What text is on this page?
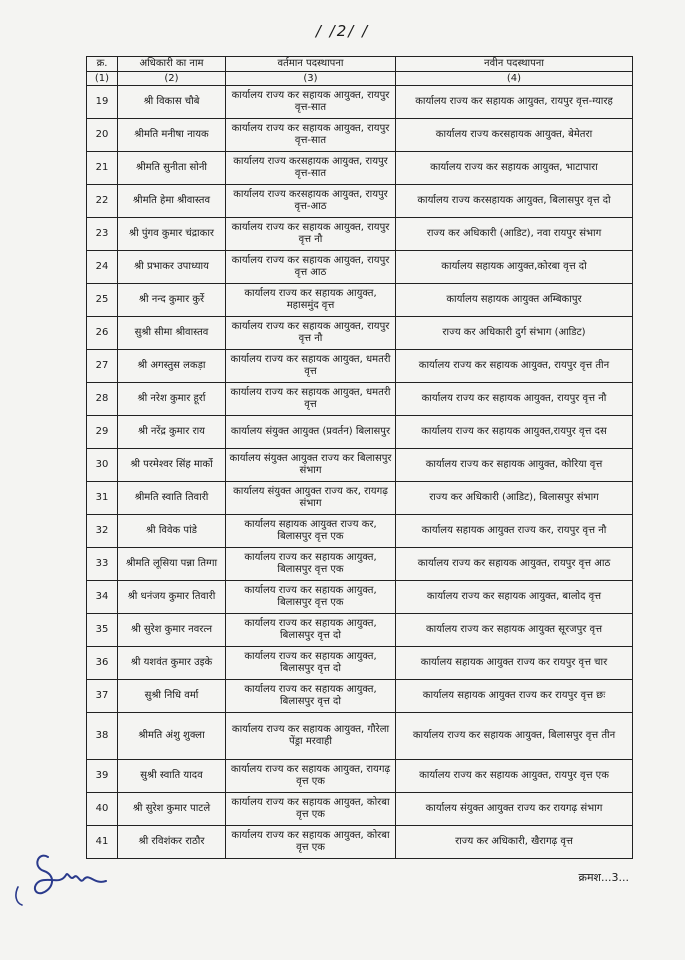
/ /2/ /
क्र.	अधिकारी का नाम	वर्तमान पदस्थापना	नवीन पदस्थापना
(1)	(2)	(3)	(4)
19	श्री विकास चौबे	कार्यालय राज्य कर सहायक आयुक्त, रायपुर वृत्त-सात	कार्यालय राज्य कर सहायक आयुक्त, रायपुर वृत्त-ग्यारह
20	श्रीमति मनीषा नायक	कार्यालय राज्य कर सहायक आयुक्त, रायपुर वृत्त-सात	कार्यालय राज्य करसहायक आयुक्त, बेमेतरा
21	श्रीमति सुनीता सोनी	कार्यालय राज्य करसहायक आयुक्त, रायपुर वृत्त-सात	कार्यालय राज्य कर सहायक आयुक्त, भाटापारा
22	श्रीमति हेमा श्रीवास्तव	कार्यालय राज्य करसहायक आयुक्त, रायपुर वृत्त-आठ	कार्यालय राज्य करसहायक आयुक्त, बिलासपुर वृत्त दो
23	श्री पुंगव कुमार चंद्राकार	कार्यालय राज्य कर सहायक आयुक्त, रायपुर वृत्त नौ	राज्य कर अधिकारी (आडिट), नवा रायपुर संभाग
24	श्री प्रभाकर उपाध्याय	कार्यालय राज्य कर सहायक आयुक्त, रायपुर वृत्त आठ	कार्यालय सहायक आयुक्त,कोरबा वृत्त दो
25	श्री नन्द कुमार कुर्रे	कार्यालय राज्य कर सहायक आयुक्त, महासमुंद वृत्त	कार्यालय सहायक आयुक्त अम्बिकापुर
26	सुश्री सीमा श्रीवास्तव	कार्यालय राज्य कर सहायक आयुक्त, रायपुर वृत्त नौ	राज्य कर अधिकारी दुर्ग संभाग (आडिट)
27	श्री अगस्तुस लकड़ा	कार्यालय राज्य कर सहायक आयुक्त, धमतरी वृत्त	कार्यालय राज्य कर सहायक आयुक्त, रायपुर वृत्त तीन
28	श्री नरेश कुमार हूर्रा	कार्यालय राज्य कर सहायक आयुक्त, धमतरी वृत्त	कार्यालय राज्य कर सहायक आयुक्त, रायपुर वृत्त नौ
29	श्री नरेंद्र कुमार राय	कार्यालय संयुक्त आयुक्त (प्रवर्तन) बिलासपुर	कार्यालय राज्य कर सहायक आयुक्त,रायपुर वृत्त दस
30	श्री परमेश्वर सिंह मार्को	कार्यालय संयुक्त आयुक्त राज्य कर बिलासपुर संभाग	कार्यालय राज्य कर सहायक आयुक्त, कोरिया वृत्त
31	श्रीमति स्वाति तिवारी	कार्यालय संयुक्त आयुक्त राज्य कर, रायगढ़ संभाग	राज्य कर अधिकारी (आडिट), बिलासपुर संभाग
32	श्री विवेक पांडे	कार्यालय सहायक आयुक्त राज्य कर, बिलासपुर वृत्त एक	कार्यालय सहायक आयुक्त राज्य कर, रायपुर वृत्त नौ
33	श्रीमति लूसिया पन्ना तिग्गा	कार्यालय राज्य कर सहायक आयुक्त, बिलासपुर वृत्त एक	कार्यालय राज्य कर सहायक आयुक्त, रायपुर वृत्त आठ
34	श्री धनंजय कुमार तिवारी	कार्यालय राज्य कर सहायक आयुक्त, बिलासपुर वृत्त एक	कार्यालय राज्य कर सहायक आयुक्त, बालोद वृत्त
35	श्री सुरेश कुमार नवरत्न	कार्यालय राज्य कर सहायक आयुक्त, बिलासपुर वृत्त दो	कार्यालय राज्य कर सहायक आयुक्त सूरजपुर वृत्त
36	श्री यशवंत कुमार उइके	कार्यालय राज्य कर सहायक आयुक्त, बिलासपुर वृत्त दो	कार्यालय सहायक आयुक्त राज्य कर रायपुर वृत्त चार
37	सुश्री निधि वर्मा	कार्यालय राज्य कर सहायक आयुक्त, बिलासपुर वृत्त दो	कार्यालय सहायक आयुक्त राज्य कर रायपुर वृत्त छः
38	श्रीमति अंशु शुक्ला	कार्यालय राज्य कर सहायक आयुक्त, गौरेला पेंड्रा मरवाही	कार्यालय राज्य कर सहायक आयुक्त, बिलासपुर वृत्त तीन
39	सुश्री स्वाति यादव	कार्यालय राज्य कर सहायक आयुक्त, रायगढ़ वृत्त एक	कार्यालय राज्य कर सहायक आयुक्त, रायपुर वृत्त एक
40	श्री सुरेश कुमार पाटले	कार्यालय राज्य कर सहायक आयुक्त, कोरबा वृत्त एक	कार्यालय संयुक्त आयुक्त राज्य कर रायगढ़ संभाग
41	श्री रविशंकर राठौर	कार्यालय राज्य कर सहायक आयुक्त, कोरबा वृत्त एक	राज्य कर अधिकारी, खैरागढ़ वृत्त
क्रमश...3...
